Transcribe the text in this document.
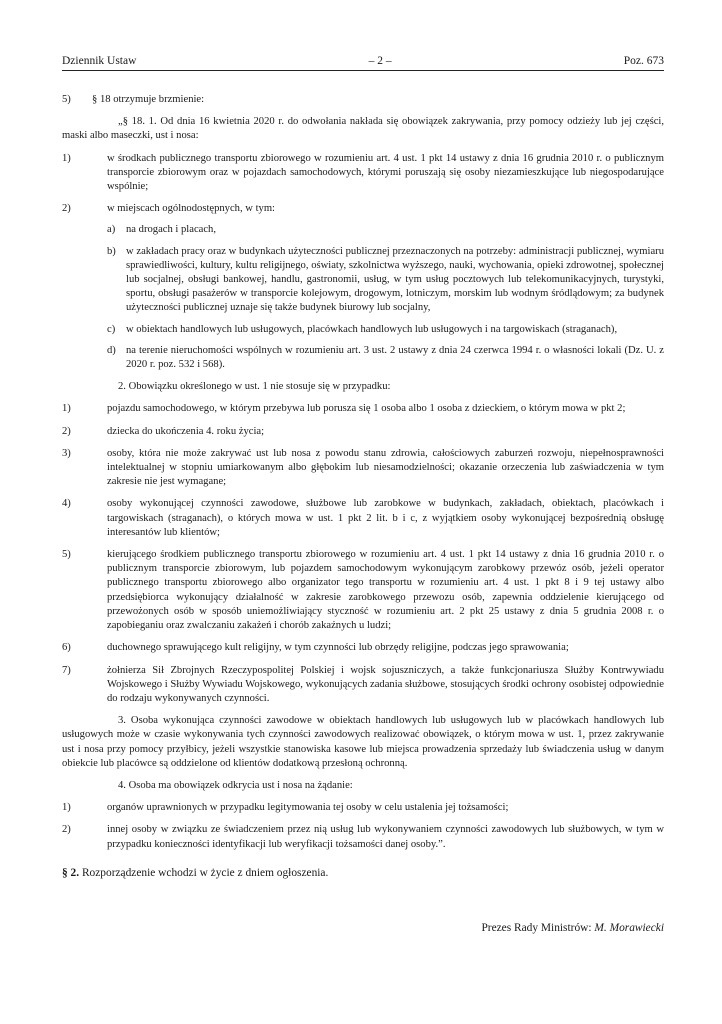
Dziennik Ustaw	– 2 –	Poz. 673
5)	§ 18 otrzymuje brzmienie:
„§ 18. 1. Od dnia 16 kwietnia 2020 r. do odwołania nakłada się obowiązek zakrywania, przy pomocy odzieży lub jej części, maski albo maseczki, ust i nosa:
1)	w środkach publicznego transportu zbiorowego w rozumieniu art. 4 ust. 1 pkt 14 ustawy z dnia 16 grudnia 2010 r. o publicznym transporcie zbiorowym oraz w pojazdach samochodowych, którymi poruszają się osoby niezamieszkujące lub niegospodarujące wspólnie;
2)	w miejscach ogólnodostępnych, w tym:
a)	na drogach i placach,
b) w zakładach pracy oraz w budynkach użyteczności publicznej przeznaczonych na potrzeby: administracji publicznej, wymiaru sprawiedliwości, kultury, kultu religijnego, oświaty, szkolnictwa wyższego, nauki, wychowania, opieki zdrowotnej, społecznej lub socjalnej, obsługi bankowej, handlu, gastronomii, usług, w tym usług pocztowych lub telekomunikacyjnych, turystyki, sportu, obsługi pasażerów w transporcie kolejowym, drogowym, lotniczym, morskim lub wodnym śródlądowym; za budynek użyteczności publicznej uznaje się także budynek biurowy lub socjalny,
c)	w obiektach handlowych lub usługowych, placówkach handlowych lub usługowych i na targowiskach (straganach),
d) na terenie nieruchomości wspólnych w rozumieniu art. 3 ust. 2 ustawy z dnia 24 czerwca 1994 r. o własności lokali (Dz. U. z 2020 r. poz. 532 i 568).
2. Obowiązku określonego w ust. 1 nie stosuje się w przypadku:
1)	pojazdu samochodowego, w którym przebywa lub porusza się 1 osoba albo 1 osoba z dzieckiem, o którym mowa w pkt 2;
2)	dziecka do ukończenia 4. roku życia;
3)	osoby, która nie może zakrywać ust lub nosa z powodu stanu zdrowia, całościowych zaburzeń rozwoju, niepełnosprawności intelektualnej w stopniu umiarkowanym albo głębokim lub niesamodzielności; okazanie orzeczenia lub zaświadczenia w tym zakresie nie jest wymagane;
4)	osoby wykonującej czynności zawodowe, służbowe lub zarobkowe w budynkach, zakładach, obiektach, placówkach i targowiskach (straganach), o których mowa w ust. 1 pkt 2 lit. b i c, z wyjątkiem osoby wykonującej bezpośrednią obsługę interesantów lub klientów;
5)	kierującego środkiem publicznego transportu zbiorowego w rozumieniu art. 4 ust. 1 pkt 14 ustawy z dnia 16 grudnia 2010 r. o publicznym transporcie zbiorowym, lub pojazdem samochodowym wykonującym zarobkowy przewóz osób, jeżeli operator publicznego transportu zbiorowego albo organizator tego transportu w rozumieniu art. 4 ust. 1 pkt 8 i 9 tej ustawy albo przedsiębiorca wykonujący działalność w zakresie zarobkowego przewozu osób, zapewnia oddzielenie kierującego od przewożonych osób w sposób uniemożliwiający styczność w rozumieniu art. 2 pkt 25 ustawy z dnia 5 grudnia 2008 r. o zapobieganiu oraz zwalczaniu zakażeń i chorób zakaźnych u ludzi;
6)	duchownego sprawującego kult religijny, w tym czynności lub obrzędy religijne, podczas jego sprawowania;
7)	żołnierza Sił Zbrojnych Rzeczypospolitej Polskiej i wojsk sojuszniczych, a także funkcjonariusza Służby Kontrwywiadu Wojskowego i Służby Wywiadu Wojskowego, wykonujących zadania służbowe, stosujących środki ochrony osobistej odpowiednie do rodzaju wykonywanych czynności.
3. Osoba wykonująca czynności zawodowe w obiektach handlowych lub usługowych lub w placówkach handlowych lub usługowych może w czasie wykonywania tych czynności zawodowych realizować obowiązek, o którym mowa w ust. 1, przez zakrywanie ust i nosa przy pomocy przyłbicy, jeżeli wszystkie stanowiska kasowe lub miejsca prowadzenia sprzedaży lub świadczenia usług w danym obiekcie lub placówce są oddzielone od klientów dodatkową przesłoną ochronną.
4. Osoba ma obowiązek odkrycia ust i nosa na żądanie:
1)	organów uprawnionych w przypadku legitymowania tej osoby w celu ustalenia jej tożsamości;
2)	innej osoby w związku ze świadczeniem przez nią usług lub wykonywaniem czynności zawodowych lub służbowych, w tym w przypadku konieczności identyfikacji lub weryfikacji tożsamości danej osoby.”.
§ 2. Rozporządzenie wchodzi w życie z dniem ogłoszenia.
Prezes Rady Ministrów: M. Morawiecki
